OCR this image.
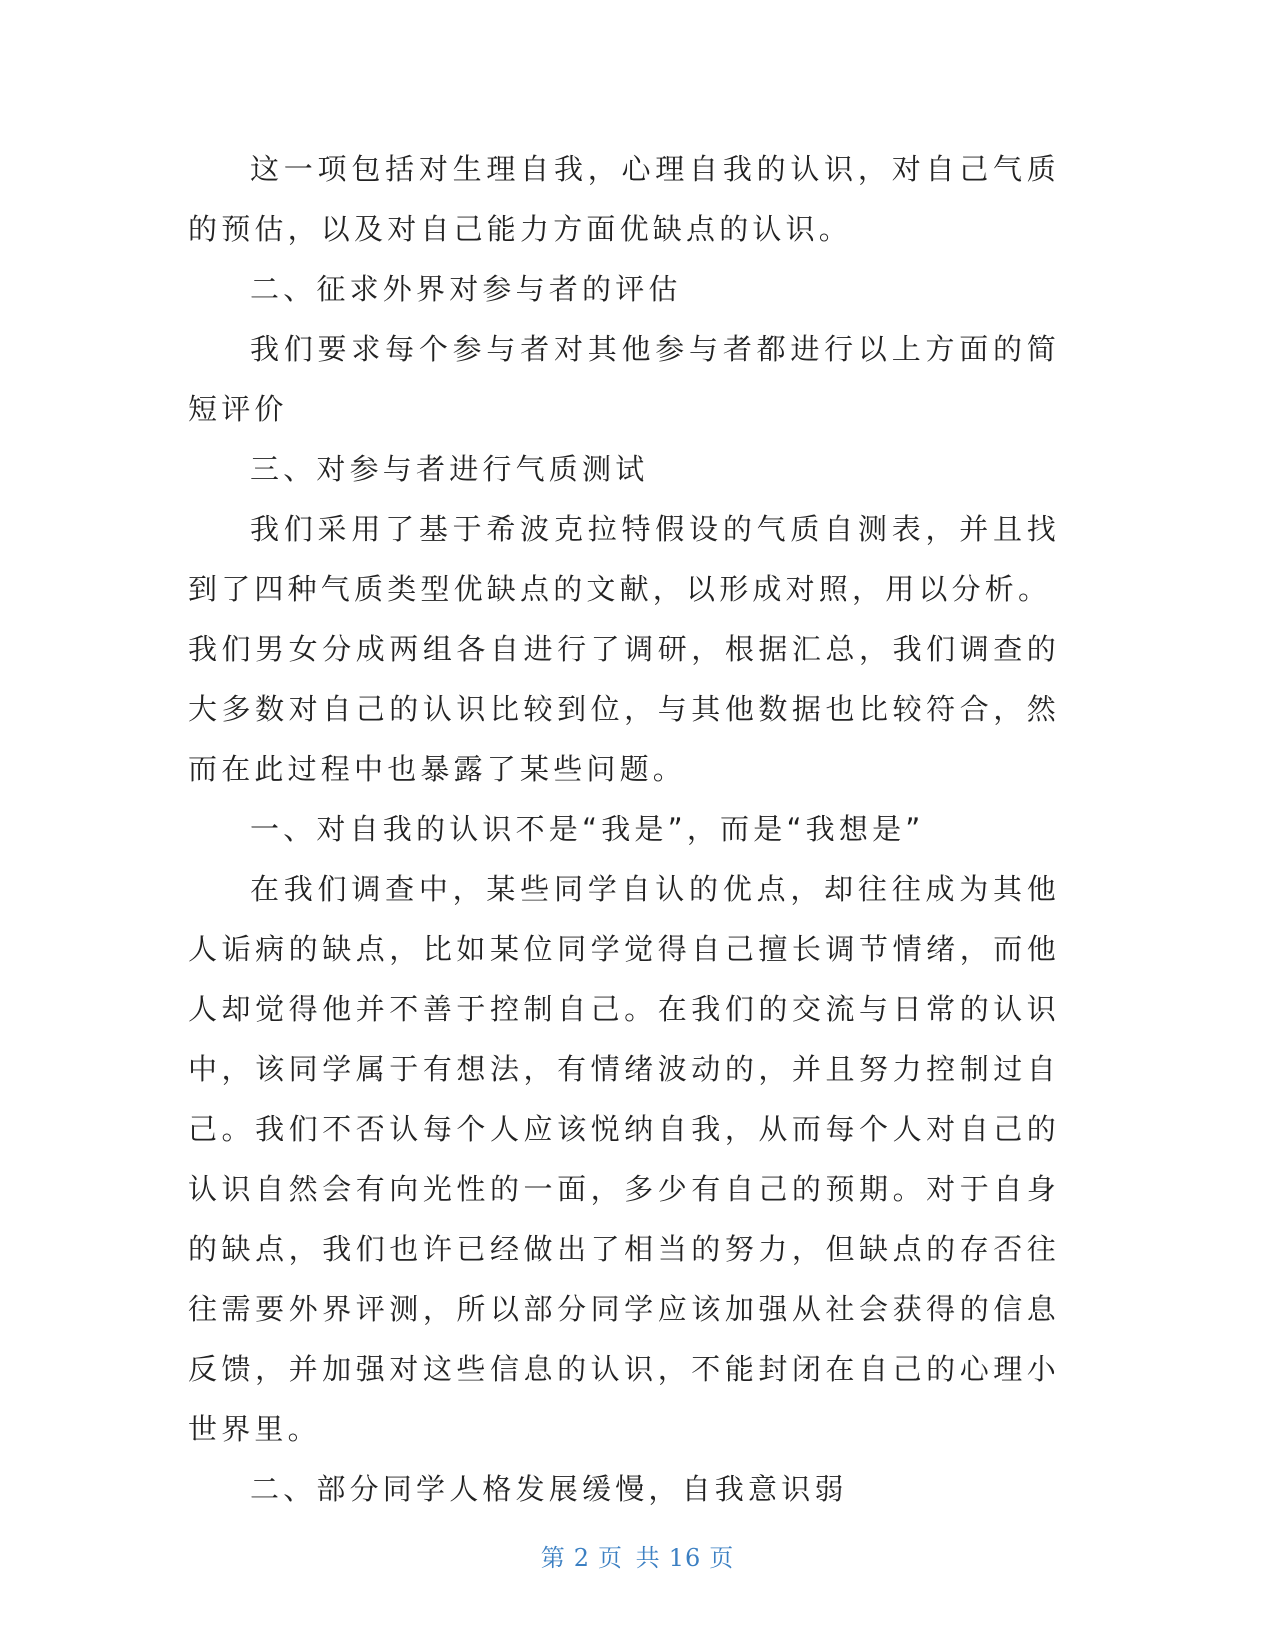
这一项包括对生理自我，心理自我的认识，对自己气质的预估，以及对自己能力方面优缺点的认识。

二、征求外界对参与者的评估

我们要求每个参与者对其他参与者都进行以上方面的简短评价

三、对参与者进行气质测试

我们采用了基于希波克拉特假设的气质自测表，并且找到了四种气质类型优缺点的文献，以形成对照，用以分析。

我们男女分成两组各自进行了调研，根据汇总，我们调查的大多数对自己的认识比较到位，与其他数据也比较符合，然而在此过程中也暴露了某些问题。

一、对自我的认识不是“我是”，而是“我想是”

在我们调查中，某些同学自认的优点，却往往成为其他人诟病的缺点，比如某位同学觉得自己擅长调节情绪，而他人却觉得他并不善于控制自己。在我们的交流与日常的认识中，该同学属于有想法，有情绪波动的，并且努力控制过自己。我们不否认每个人应该悦纳自我，从而每个人对自己的认识自然会有向光性的一面，多少有自己的预期。对于自身的缺点，我们也许已经做出了相当的努力，但缺点的存否往往需要外界评测，所以部分同学应该加强从社会获得的信息反馈，并加强对这些信息的认识，不能封闭在自己的心理小世界里。

二、部分同学人格发展缓慢，自我意识弱

第 2 页 共 16 页
